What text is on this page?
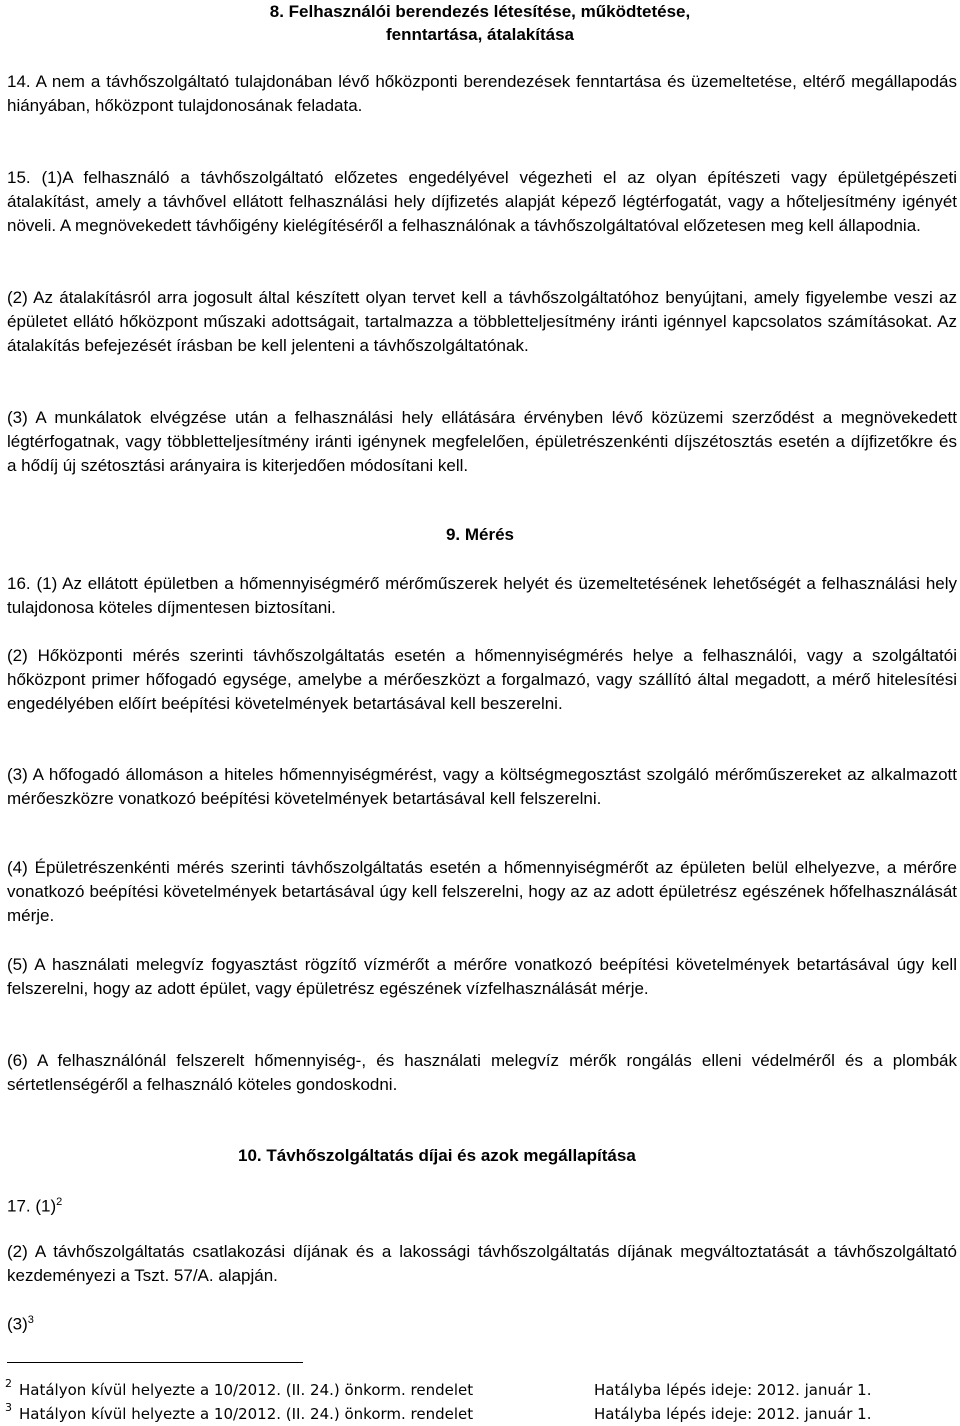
8. Felhasználói berendezés létesítése, működtetése,
fenntartása, átalakítása
14. A nem a távhőszolgáltató tulajdonában lévő hőközponti berendezések fenntartása és üzemeltetése, eltérő megállapodás hiányában, hőközpont tulajdonosának feladata.
15. (1)A felhasználó a távhőszolgáltató előzetes engedélyével végezheti el az olyan építészeti vagy épületgépészeti átalakítást, amely a távhővel ellátott felhasználási hely díjfizetés alapját képező légtérfogatát, vagy a hőteljesítmény igényét növeli. A megnövekedett távhőigény kielégítéséről a felhasználónak a távhőszolgáltatóval előzetesen meg kell állapodnia.
(2) Az átalakításról arra jogosult által készített olyan tervet kell a távhőszolgáltatóhoz benyújtani, amely figyelembe veszi az épületet ellátó hőközpont műszaki adottságait, tartalmazza a többletteljesítmény iránti igénnyel kapcsolatos számításokat. Az átalakítás befejezését írásban be kell jelenteni a távhőszolgáltatónak.
(3) A munkálatok elvégzése után a felhasználási hely ellátására érvényben lévő közüzemi szerződést a megnövekedett légtérfogatnak, vagy többletteljesítmény iránti igénynek megfelelően, épületrészenkénti díjszétosztás esetén a díjfizetőkre és a hődíj új szétosztási arányaira is kiterjedően módosítani kell.
9. Mérés
16. (1) Az ellátott épületben a hőmennyiségmérő mérőműszerek helyét és üzemeltetésének lehetőségét a felhasználási hely tulajdonosa köteles díjmentesen biztosítani.
(2) Hőközponti mérés szerinti távhőszolgáltatás esetén a hőmennyiségmérés helye a felhasználói, vagy a szolgáltatói hőközpont primer hőfogadó egysége, amelybe a mérőeszközt a forgalmazó, vagy szállító által megadott, a mérő hitelesítési engedélyében előírt beépítési követelmények betartásával kell beszerelni.
(3) A hőfogadó állomáson a hiteles hőmennyiségmérést, vagy a költségmegosztást szolgáló mérőműszereket az alkalmazott mérőeszközre vonatkozó beépítési követelmények betartásával kell felszerelni.
(4) Épületrészenkénti mérés szerinti távhőszolgáltatás esetén a hőmennyiségmérőt az épületen belül elhelyezve, a mérőre vonatkozó beépítési követelmények betartásával úgy kell felszerelni, hogy az az adott épületrész egészének hőfelhasználását mérje.
(5) A használati melegvíz fogyasztást rögzítő vízmérőt a mérőre vonatkozó beépítési követelmények betartásával úgy kell felszerelni, hogy az adott épület, vagy épületrész egészének vízfelhasználását mérje.
(6) A felhasználónál felszerelt hőmennyiség-, és használati melegvíz mérők rongálás elleni védelméről és a plombák sértetlenségéről a felhasználó köteles gondoskodni.
10. Távhőszolgáltatás díjai és azok megállapítása
17. $(1)^2$
(2) A távhőszolgáltatás csatlakozási díjának és a lakossági távhőszolgáltatás díjának megváltoztatását a távhőszolgáltató kezdeményezi a Tszt. 57/A. alapján.
$(3)^3$
2 Hatályon kívül helyezte a 10/2012. (II. 24.) önkorm. rendelet	Hatályba lépés ideje: 2012. január 1.
3 Hatályon kívül helyezte a 10/2012. (II. 24.) önkorm. rendelet	Hatályba lépés ideje: 2012. január 1.
